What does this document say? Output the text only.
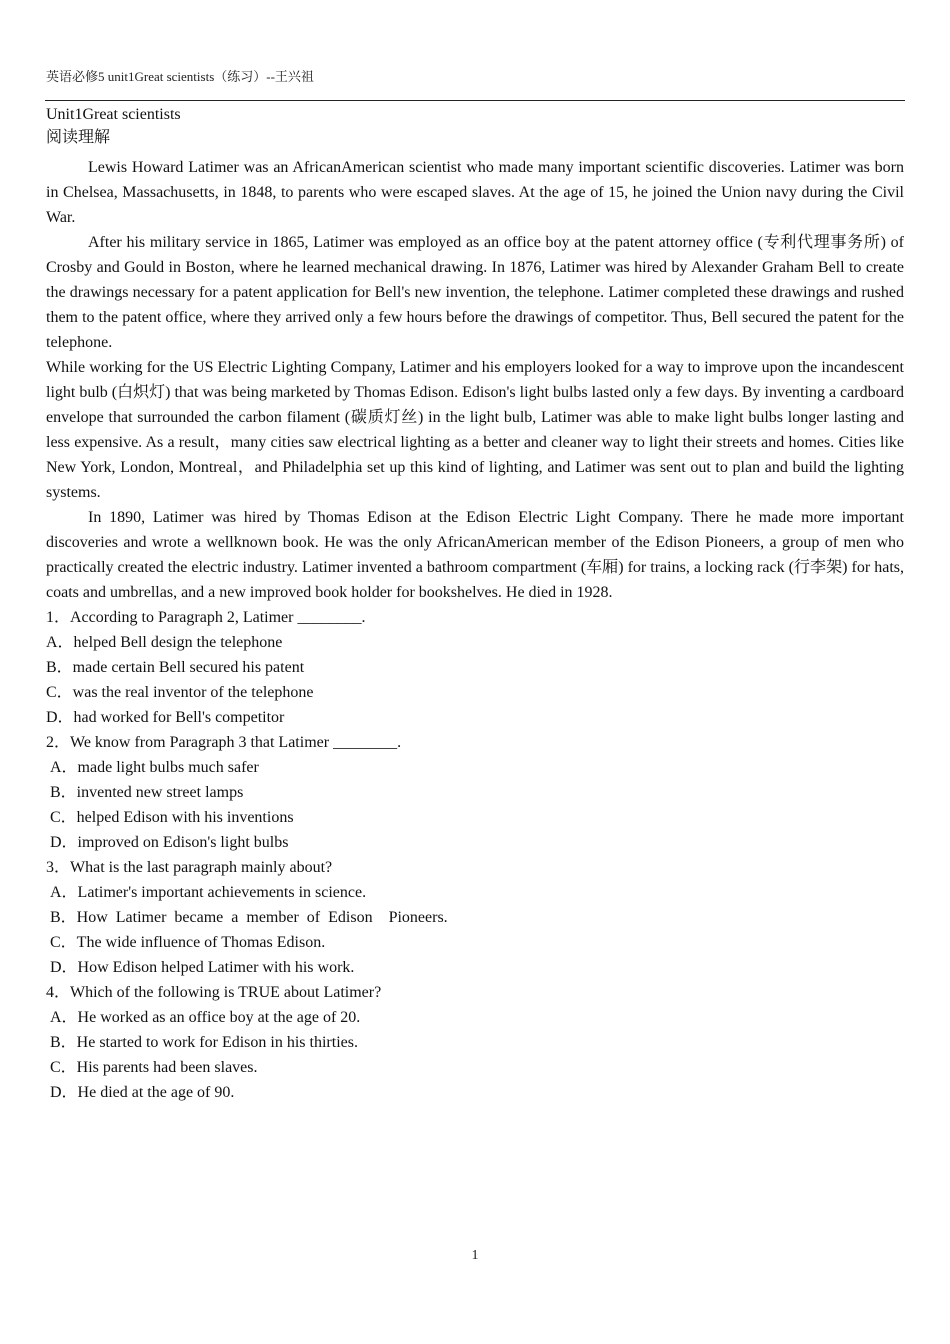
英语必修5 unit1Great scientists（练习）--王兴祖
Unit1Great scientists
阅读理解

Lewis Howard Latimer was an AfricanAmerican scientist who made many important scientific discoveries. Latimer was born in Chelsea, Massachusetts, in 1848, to parents who were escaped slaves. At the age of 15, he joined the Union navy during the Civil War.

After his military service in 1865, Latimer was employed as an office boy at the patent attorney office (专利代理事务所) of Crosby and Gould in Boston, where he learned mechanical drawing. In 1876, Latimer was hired by Alexander Graham Bell to create the drawings necessary for a patent application for Bell's new invention, the telephone. Latimer completed these drawings and rushed them to the patent office, where they arrived only a few hours before the drawings of competitor. Thus, Bell secured the patent for the telephone.

While working for the US Electric Lighting Company, Latimer and his employers looked for a way to improve upon the incandescent light bulb (白炽灯) that was being marketed by Thomas Edison. Edison's light bulbs lasted only a few days. By inventing a cardboard envelope that surrounded the carbon filament (碳质灯丝) in the light bulb, Latimer was able to make light bulbs longer lasting and less expensive. As a result，many cities saw electrical lighting as a better and cleaner way to light their streets and homes. Cities like New York, London, Montreal，and Philadelphia set up this kind of lighting, and Latimer was sent out to plan and build the lighting systems.

In 1890, Latimer was hired by Thomas Edison at the Edison Electric Light Company. There he made more important discoveries and wrote a wellknown book. He was the only AfricanAmerican member of the Edison Pioneers, a group of men who practically created the electric industry. Latimer invented a bathroom compartment (车厢) for trains, a locking rack (行李架) for hats, coats and umbrellas, and a new improved book holder for bookshelves. He died in 1928.

1．According to Paragraph 2, Latimer ________.
A．helped Bell design the telephone
B．made certain Bell secured his patent
C．was the real inventor of the telephone
D．had worked for Bell's competitor
2．We know from Paragraph 3 that Latimer ________.
A．made light bulbs much safer
B．invented new street lamps
C．helped Edison with his inventions
D．improved on Edison's light bulbs
3．What is the last paragraph mainly about?
A．Latimer's important achievements in science.
B．How  Latimer  became  a  member  of  Edison    Pioneers.
C．The wide influence of Thomas Edison.
D．How Edison helped Latimer with his work.
4．Which of the following is TRUE about Latimer?
A．He worked as an office boy at the age of 20.
B．He started to work for Edison in his thirties.
C．His parents had been slaves.
D．He died at the age of 90.
1
